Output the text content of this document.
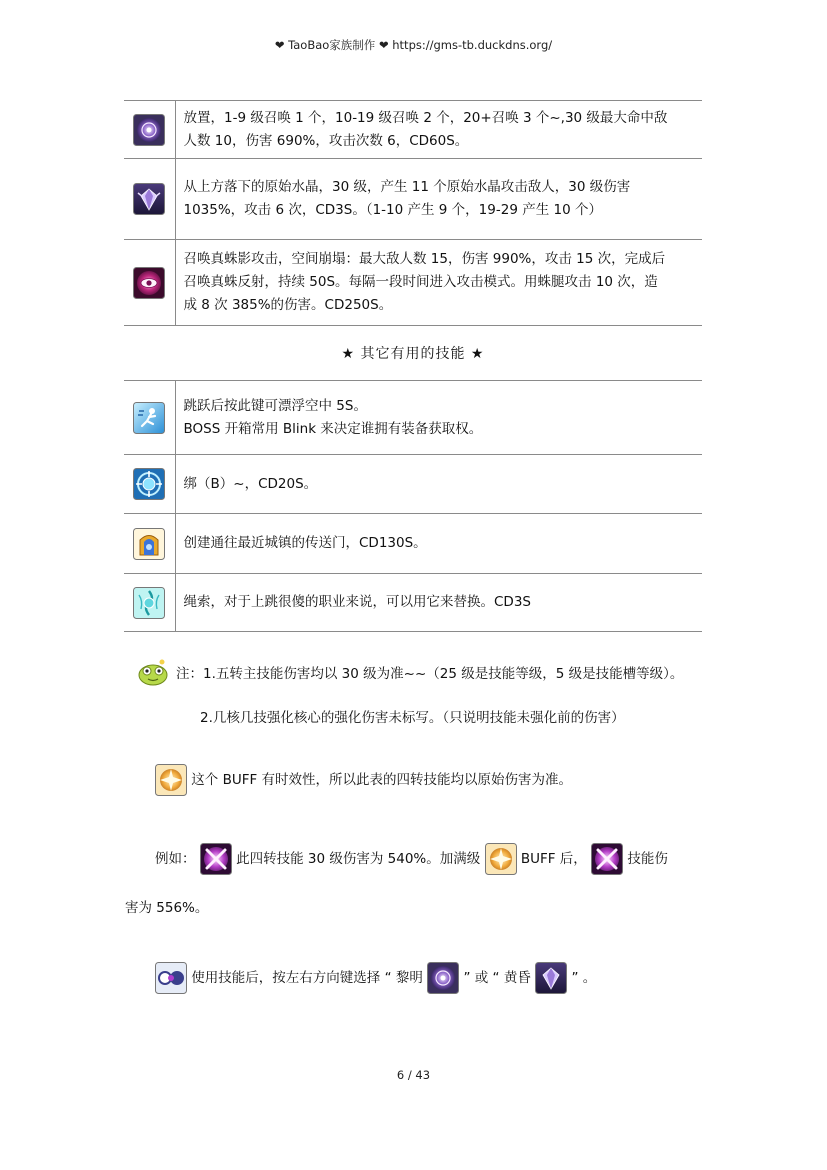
❤ TaoBao家族制作 ❤ https://gms-tb.duckdns.org/

放置，1-9 级召唤 1 个，10-19 级召唤 2 个，20+召唤 3 个~,30 级最大命中敌
人数 10，伤害 690%，攻击次数 6，CD60S。

从上方落下的原始水晶，30 级，产生 11 个原始水晶攻击敌人，30 级伤害
1035%，攻击 6 次，CD3S。（1-10 产生 9 个，19-29 产生 10 个）

召唤真蛛影攻击，空间崩塌：最大敌人数 15，伤害 990%，攻击 15 次，完成后
召唤真蛛反射，持续 50S。每隔一段时间进入攻击模式。用蛛腿攻击 10 次，造
成 8 次 385%的伤害。CD250S。

★ 其它有用的技能 ★	

跳跃后按此键可漂浮空中 5S。
BOSS 开箱常用 Blink 来决定谁拥有装备获取权。

绑（B）~，CD20S。

创建通往最近城镇的传送门，CD130S。

绳索，对于上跳很傻的职业来说，可以用它来替换。CD3S
注：1.五转主技能伤害均以 30 级为准~~（25 级是技能等级，5 级是技能槽等级）。
2.几核几技强化核心的强化伤害未标写。（只说明技能未强化前的伤害）
这个 BUFF 有时效性，所以此表的四转技能均以原始伤害为准。
例如：	此四转技能 30 级伤害为 540%。加满级	BUFF 后，	技能伤
害为 556%。
使用技能后，按左右方向键选择 “ 黎明	” 或 “ 黄昏	” 。
6 / 43
